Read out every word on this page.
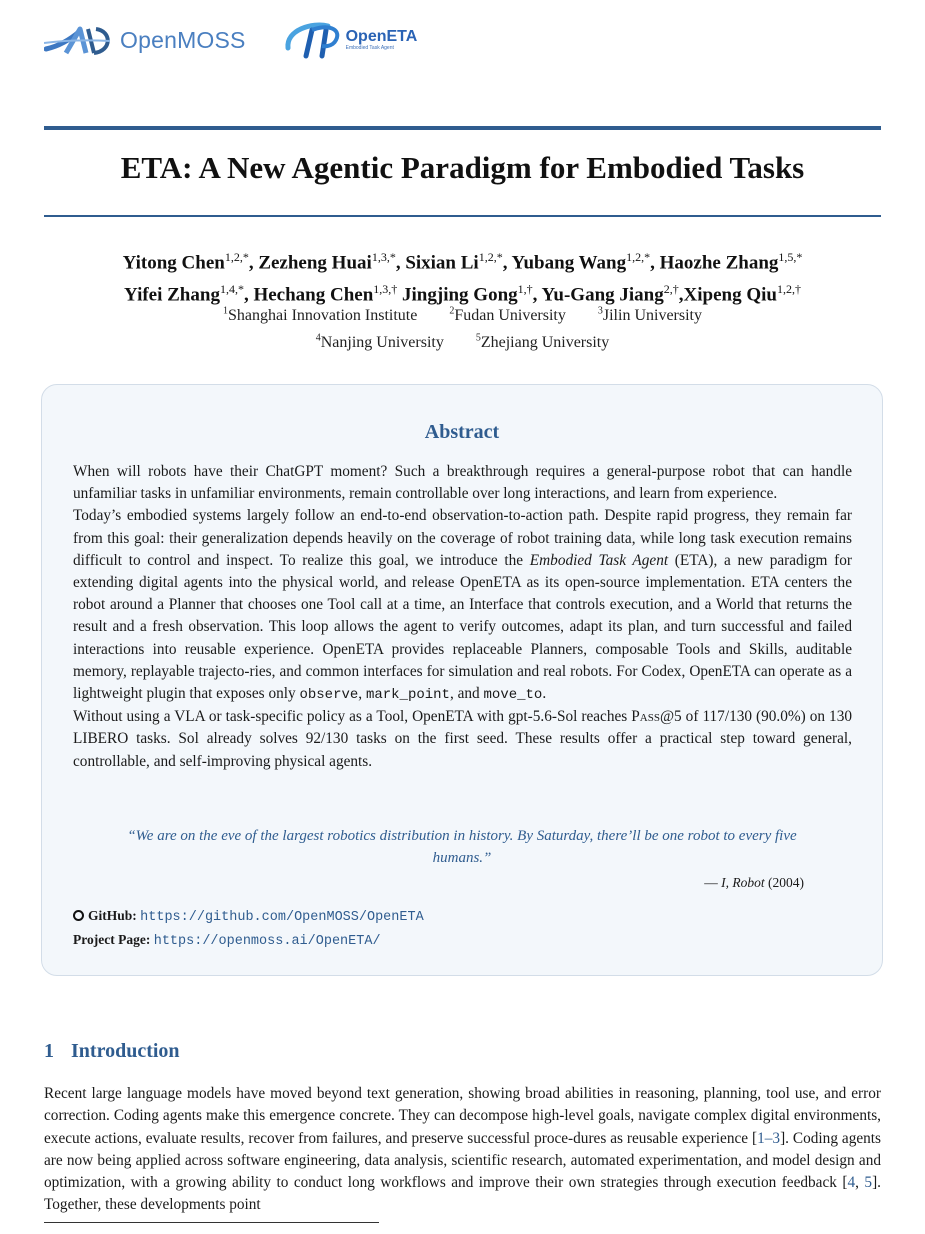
OpenMOSS	OpenETA
Embodied Task Agent
ETA: A New Agentic Paradigm for Embodied Tasks
Yitong Chen$^{1,2,*}$, Zezheng Huai$^{1,3,*}$, Sixian $Li^{1,2,*}$, Yubang Wang$^{1,2,*}$, Haozhe Zhang$^{1,5,*}$
Yifei Zhang$^{1,4,*}$, Hechang Chen$^{1,3,\dagger}$ Jingjing Gong$^{1,\dagger}$, Yu-Gang Jiang$^{2,\dagger}$,Xipeng Qiu$^{1,2,\dagger}$
$^1$Shanghai Innovation Institute	$^2$Fudan University	$^3$Jilin University
$^4$Nanjing University	$^5$Zhejiang University
Abstract

When will robots have their ChatGPT moment? Such a breakthrough requires a general-purpose robot that can handle unfamiliar tasks in unfamiliar environments, remain controllable over long interactions, and learn from experience.

Today’s embodied systems largely follow an end-to-end observation-to-action path. Despite rapid progress, they remain far from this goal: their generalization depends heavily on the coverage of robot training data, while long task execution remains difficult to control and inspect. To realize this goal, we introduce the Embodied Task Agent (ETA), a new paradigm for extending digital agents into the physical world, and release OpenETA as its open-source implementation. ETA centers the robot around a Planner that chooses one Tool call at a time, an Interface that controls execution, and a World that returns the result and a fresh observation. This loop allows the agent to verify outcomes, adapt its plan, and turn successful and failed interactions into reusable experience. OpenETA provides replaceable Planners, composable Tools and Skills, auditable memory, replayable trajecto-ries, and common interfaces for simulation and real robots. For Codex, OpenETA can operate as a lightweight plugin that exposes only observe, mark_point, and move_to.

Without using a VLA or task-specific policy as a Tool, OpenETA with gpt-5.6-Sol reaches Pass@5 of 117/130 (90.0%) on 130 LIBERO tasks. Sol already solves 92/130 tasks on the first seed. These results offer a practical step toward general, controllable, and self-improving physical agents.

“We are on the eve of the largest robotics distribution in history. By Saturday, there’ll be one robot to every five humans.”
— I, Robot (2004)
GitHub: https://github.com/OpenMOSS/OpenETA
Project Page: https://openmoss.ai/OpenETA/
1 Introduction
Recent large language models have moved beyond text generation, showing broad abilities in reasoning, planning, tool use, and error correction. Coding agents make this emergence concrete. They can decompose high-level goals, navigate complex digital environments, execute actions, evaluate results, recover from failures, and preserve successful proce-dures as reusable experience [1–3]. Coding agents are now being applied across software engineering, data analysis, scientific research, automated experimentation, and model design and optimization, with a growing ability to conduct long workflows and improve their own strategies through execution feedback [4, 5]. Together, these developments point
